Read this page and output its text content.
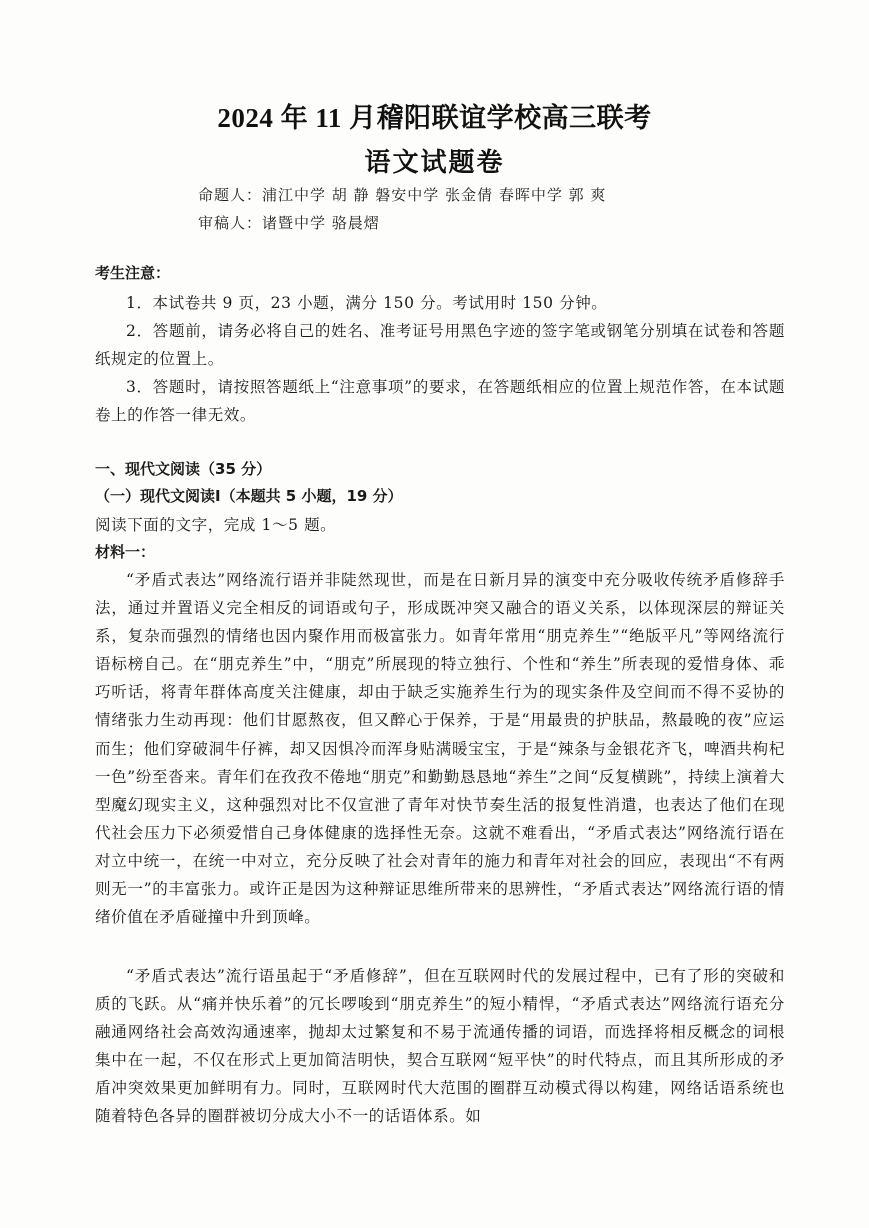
2024 年 11 月稽阳联谊学校高三联考
语文试题卷
命题人：浦江中学 胡 静 磐安中学 张金倩 春晖中学 郭 爽
审稿人：诸暨中学 骆晨熠
考生注意：

1．本试卷共 9 页，23 小题，满分 150 分。考试用时 150 分钟。

2．答题前，请务必将自己的姓名、准考证号用黑色字迹的签字笔或钢笔分别填在试卷和答题纸规定的位置上。

3．答题时，请按照答题纸上“注意事项”的要求，在答题纸相应的位置上规范作答，在本试题卷上的作答一律无效。

一、现代文阅读（35 分）
（一）现代文阅读Ⅰ（本题共 5 小题，19 分）

阅读下面的文字，完成 1～5 题。

材料一：

“矛盾式表达”网络流行语并非陡然现世，而是在日新月异的演变中充分吸收传统矛盾修辞手法，通过并置语义完全相反的词语或句子，形成既冲突又融合的语义关系，以体现深层的辩证关系，复杂而强烈的情绪也因内聚作用而极富张力。如青年常用“朋克养生”“绝版平凡”等网络流行语标榜自己。在“朋克养生”中，“朋克”所展现的特立独行、个性和“养生”所表现的爱惜身体、乖巧听话，将青年群体高度关注健康，却由于缺乏实施养生行为的现实条件及空间而不得不妥协的情绪张力生动再现：他们甘愿熬夜，但又醉心于保养，于是“用最贵的护肤品，熬最晚的夜”应运而生；他们穿破洞牛仔裤，却又因惧冷而浑身贴满暖宝宝，于是“辣条与金银花齐飞，啤酒共枸杞一色”纷至沓来。青年们在孜孜不倦地“朋克”和勤勤恳恳地“养生”之间“反复横跳”，持续上演着大型魔幻现实主义，这种强烈对比不仅宣泄了青年对快节奏生活的报复性消遣，也表达了他们在现代社会压力下必须爱惜自己身体健康的选择性无奈。这就不难看出，“矛盾式表达”网络流行语在对立中统一，在统一中对立，充分反映了社会对青年的施力和青年对社会的回应，表现出“不有两则无一”的丰富张力。或许正是因为这种辩证思维所带来的思辨性，“矛盾式表达”网络流行语的情绪价值在矛盾碰撞中升到顶峰。

“矛盾式表达”流行语虽起于“矛盾修辞”，但在互联网时代的发展过程中，已有了形的突破和质的飞跃。从“痛并快乐着”的冗长啰唆到“朋克养生”的短小精悍，“矛盾式表达”网络流行语充分融通网络社会高效沟通速率，抛却太过繁复和不易于流通传播的词语，而选择将相反概念的词根集中在一起，不仅在形式上更加简洁明快，契合互联网“短平快”的时代特点，而且其所形成的矛盾冲突效果更加鲜明有力。同时，互联网时代大范围的圈群互动模式得以构建，网络话语系统也随着特色各异的圈群被切分成大小不一的话语体系。如
